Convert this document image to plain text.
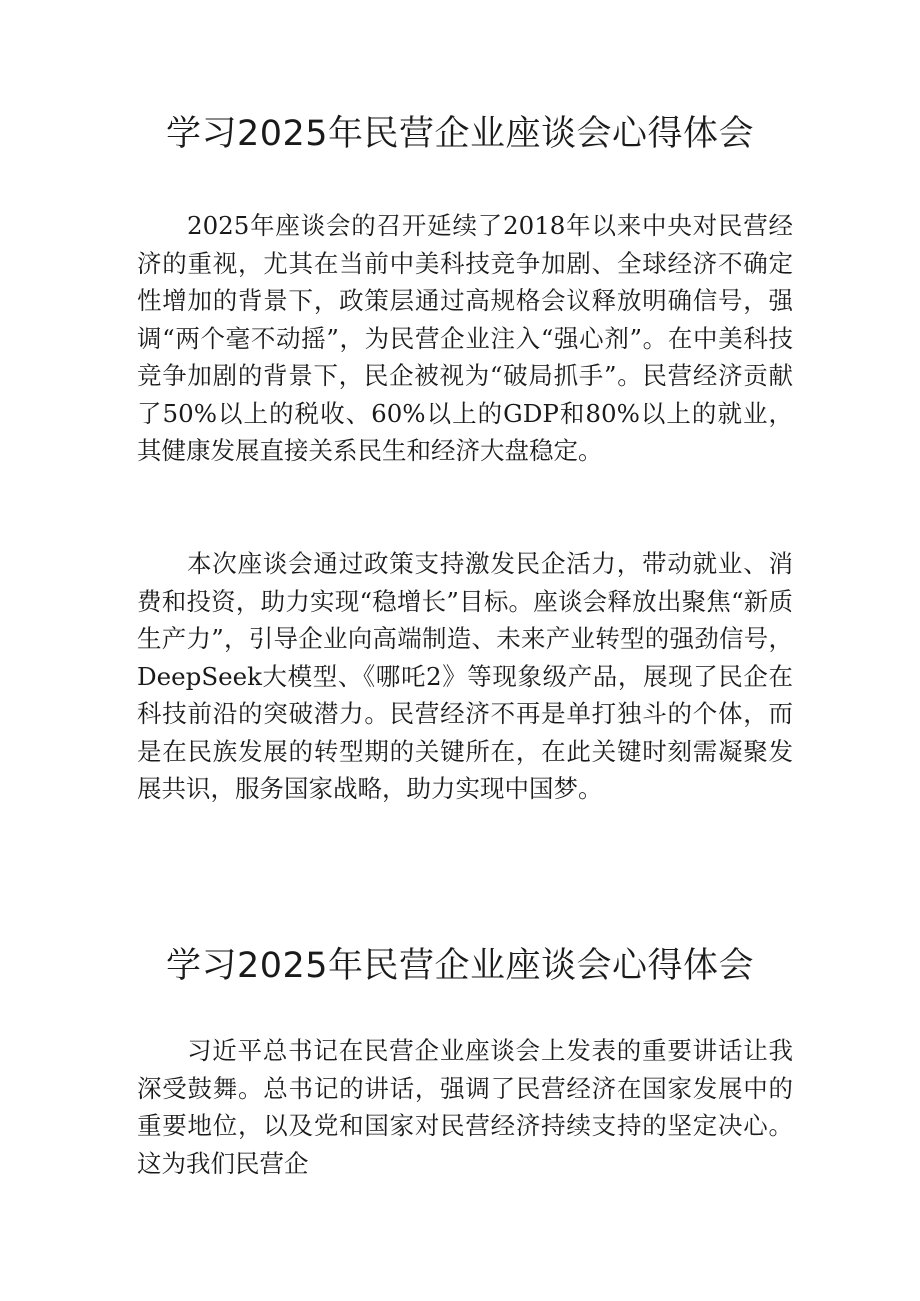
学习2025年民营企业座谈会心得体会

2025年座谈会的召开延续了2018年以来中央对民营经济的重视，尤其在当前中美科技竞争加剧、全球经济不确定性增加的背景下，政策层通过高规格会议释放明确信号，强调“两个毫不动摇”，为民营企业注入“强心剂”。在中美科技竞争加剧的背景下，民企被视为“破局抓手”。民营经济贡献了50%以上的税收、60%以上的GDP和80%以上的就业，其健康发展直接关系民生和经济大盘稳定。

本次座谈会通过政策支持激发民企活力，带动就业、消费和投资，助力实现“稳增长”目标。座谈会释放出聚焦“新质生产力”，引导企业向高端制造、未来产业转型的强劲信号，DeepSeek大模型、《哪吒2》等现象级产品，展现了民企在科技前沿的突破潜力。民营经济不再是单打独斗的个体，而是在民族发展的转型期的关键所在，在此关键时刻需凝聚发展共识，服务国家战略，助力实现中国梦。

学习2025年民营企业座谈会心得体会

习近平总书记在民营企业座谈会上发表的重要讲话让我深受鼓舞。总书记的讲话，强调了民营经济在国家发展中的重要地位，以及党和国家对民营经济持续支持的坚定决心。这为我们民营企
